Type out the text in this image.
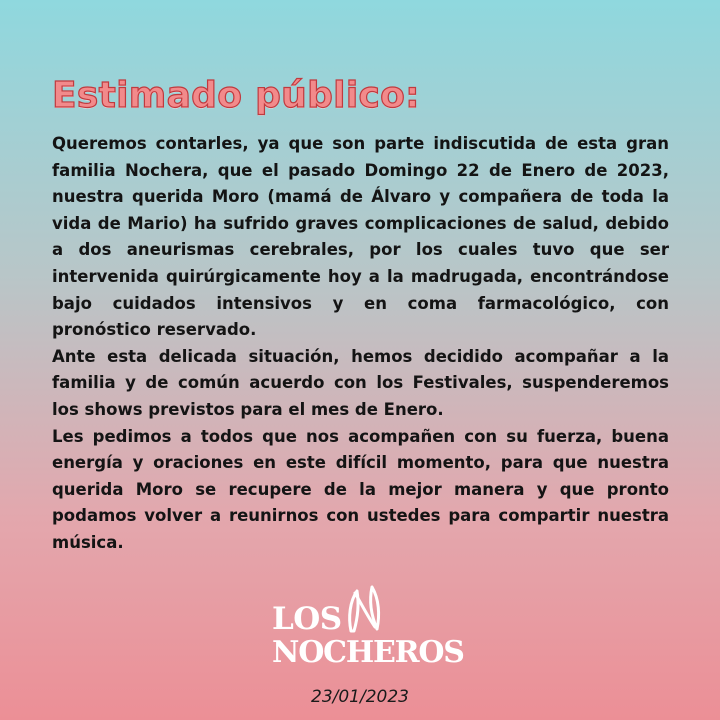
Estimado público:

Queremos contarles, ya que son parte indiscutida de esta gran familia Nochera, que el pasado Domingo 22 de Enero de 2023, nuestra querida Moro (mamá de Álvaro y compañera de toda la vida de Mario) ha sufrido graves complicaciones de salud, debido a dos aneurismas cerebrales, por los cuales tuvo que ser intervenida quirúrgicamente hoy a la madrugada, encontrándose bajo cuidados intensivos y en coma farmacológico, con pronóstico reservado.

Ante esta delicada situación, hemos decidido acompañar a la familia y de común acuerdo con los Festivales, suspenderemos los shows previstos para el mes de Enero.

Les pedimos a todos que nos acompañen con su fuerza, buena energía y oraciones en este difícil momento, para que nuestra querida Moro se recupere de la mejor manera y que pronto podamos volver a reunirnos con ustedes para compartir nuestra música.

LOS
NOCHEROS

23/01/2023
